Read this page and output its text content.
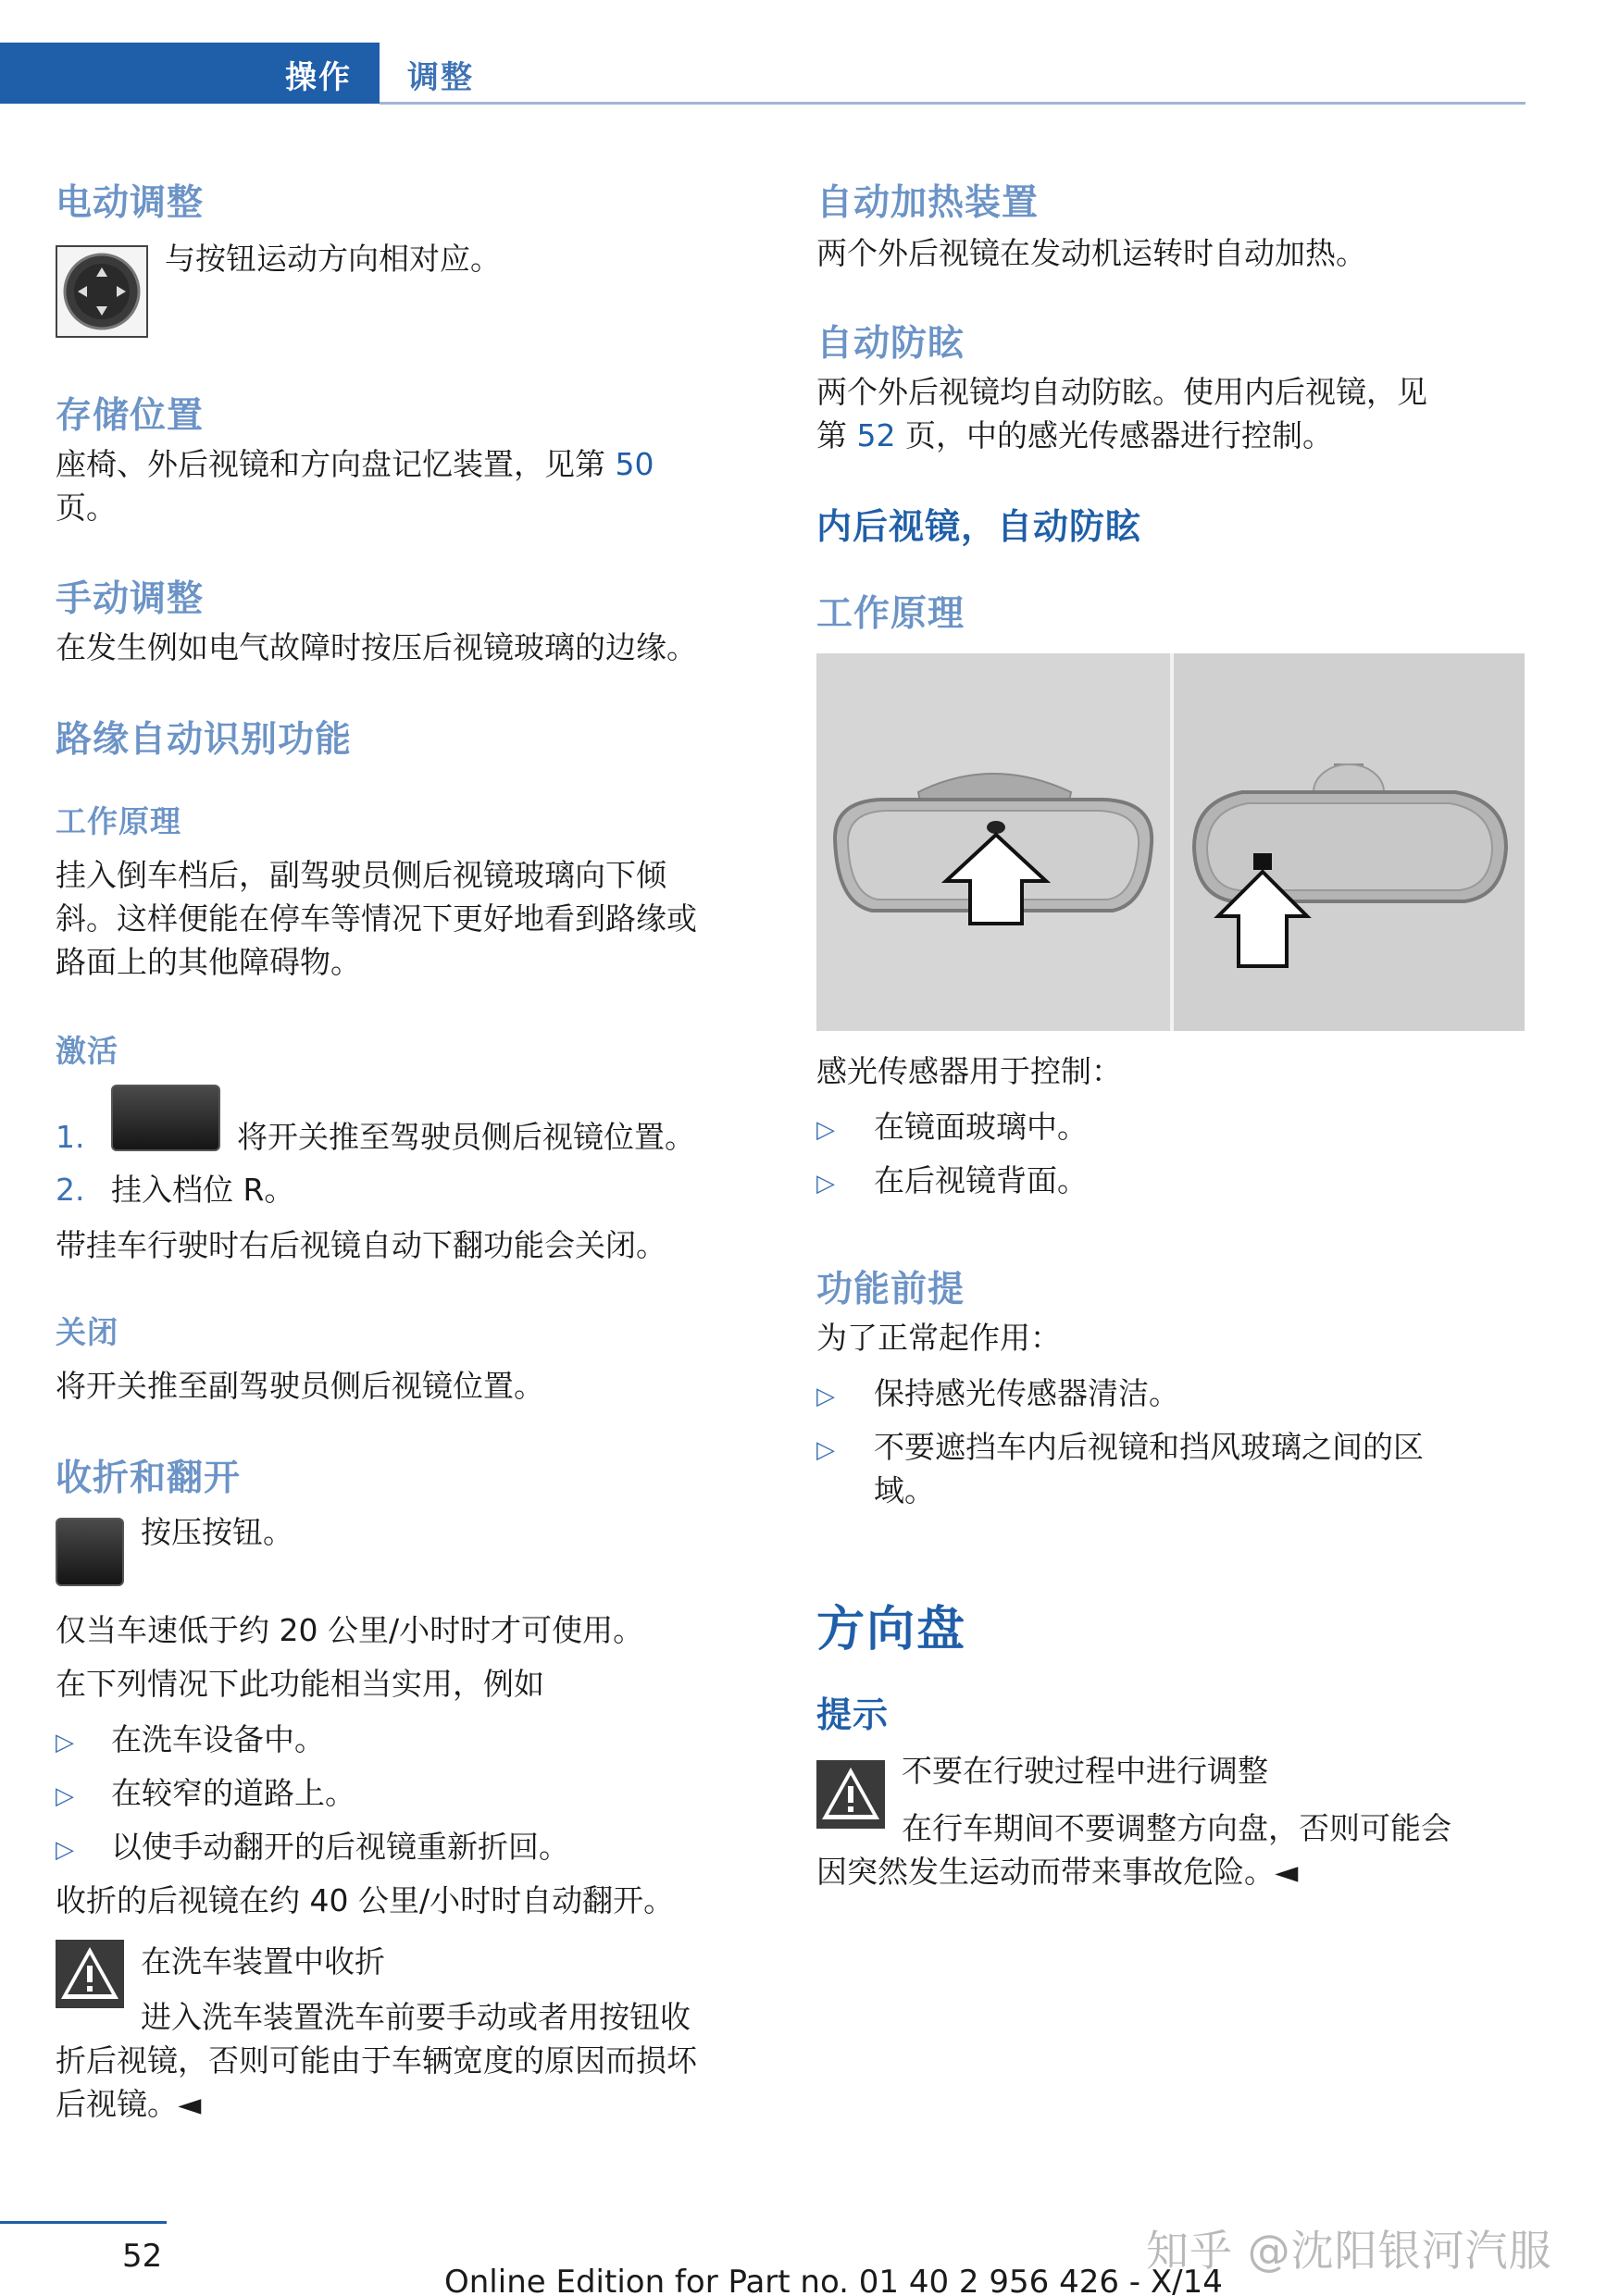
操作 调整
电动调整
与按钮运动方向相对应。
存储位置
座椅、外后视镜和方向盘记忆装置，见第 50
页。
手动调整
在发生例如电气故障时按压后视镜玻璃的边缘。
路缘自动识别功能
工作原理
挂入倒车档后，副驾驶员侧后视镜玻璃向下倾
斜。这样便能在停车等情况下更好地看到路缘或
路面上的其他障碍物。
激活
1.	将开关推至驾驶员侧后视镜位置。
2. 挂入档位 R。
带挂车行驶时右后视镜自动下翻功能会关闭。
关闭
将开关推至副驾驶员侧后视镜位置。
收折和翻开
按压按钮。
仅当车速低于约 20 公里/小时时才可使用。
在下列情况下此功能相当实用，例如
▷ 在洗车设备中。
▷ 在较窄的道路上。
▷ 以使手动翻开的后视镜重新折回。
收折的后视镜在约 40 公里/小时时自动翻开。
在洗车装置中收折
进入洗车装置洗车前要手动或者用按钮收
折后视镜，否则可能由于车辆宽度的原因而损坏
后视镜。◄
自动加热装置
两个外后视镜在发动机运转时自动加热。
自动防眩
两个外后视镜均自动防眩。使用内后视镜，见
第 52 页，中的感光传感器进行控制。
内后视镜，自动防眩
工作原理
感光传感器用于控制：
▷ 在镜面玻璃中。
▷ 在后视镜背面。
功能前提
为了正常起作用：
▷ 保持感光传感器清洁。
▷ 不要遮挡车内后视镜和挡风玻璃之间的区
域。
方向盘
提示
不要在行驶过程中进行调整
在行车期间不要调整方向盘，否则可能会
因突然发生运动而带来事故危险。◄
52
Online Edition for Part no. 01 40 2 956 426 - X/14
知乎 @沈阳银河汽服
